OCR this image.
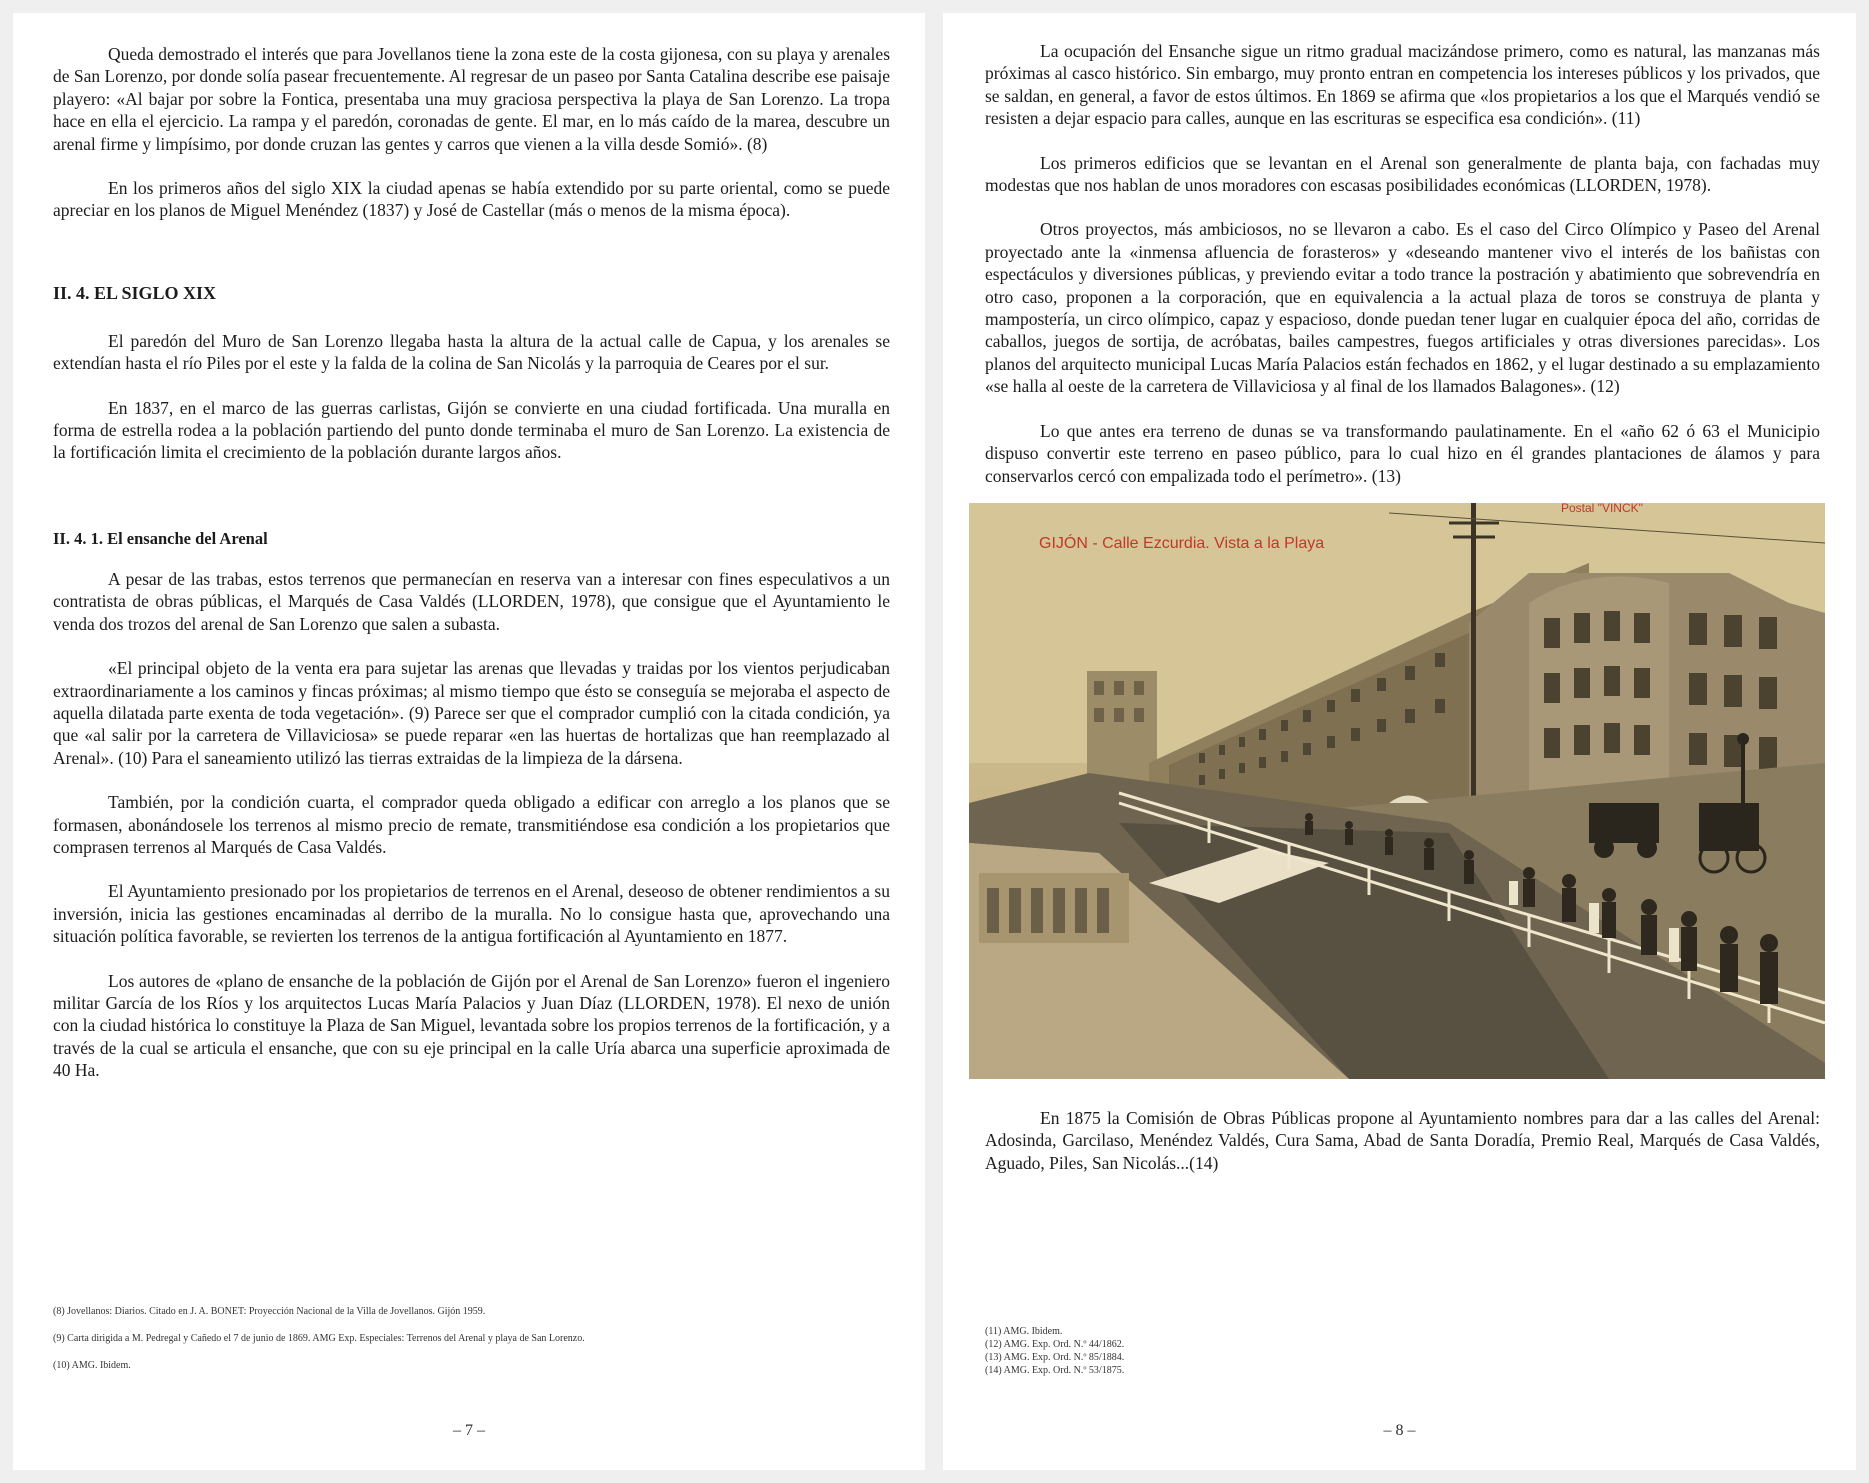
Queda demostrado el interés que para Jovellanos tiene la zona este de la costa gijonesa, con su playa y arenales de San Lorenzo, por donde solía pasear frecuentemente. Al regresar de un paseo por Santa Catalina describe ese paisaje playero: «Al bajar por sobre la Fontica, presentaba una muy graciosa perspectiva la playa de San Lorenzo. La tropa hace en ella el ejercicio. La rampa y el paredón, coronadas de gente. El mar, en lo más caído de la marea, descubre un arenal firme y limpísimo, por donde cruzan las gentes y carros que vienen a la villa desde Somió». (8)

En los primeros años del siglo XIX la ciudad apenas se había extendido por su parte oriental, como se puede apreciar en los planos de Miguel Menéndez (1837) y José de Castellar (más o menos de la misma época).

II. 4. EL SIGLO XIX

El paredón del Muro de San Lorenzo llegaba hasta la altura de la actual calle de Capua, y los arenales se extendían hasta el río Piles por el este y la falda de la colina de San Nicolás y la parroquia de Ceares por el sur.

En 1837, en el marco de las guerras carlistas, Gijón se convierte en una ciudad fortificada. Una muralla en forma de estrella rodea a la población partiendo del punto donde terminaba el muro de San Lorenzo. La existencia de la fortificación limita el crecimiento de la población durante largos años.

II. 4. 1. El ensanche del Arenal

A pesar de las trabas, estos terrenos que permanecían en reserva van a interesar con fines especulativos a un contratista de obras públicas, el Marqués de Casa Valdés (LLORDEN, 1978), que consigue que el Ayuntamiento le venda dos trozos del arenal de San Lorenzo que salen a subasta.

«El principal objeto de la venta era para sujetar las arenas que llevadas y traidas por los vientos perjudicaban extraordinariamente a los caminos y fincas próximas; al mismo tiempo que ésto se conseguía se mejoraba el aspecto de aquella dilatada parte exenta de toda vegetación». (9) Parece ser que el comprador cumplió con la citada condición, ya que «al salir por la carretera de Villaviciosa» se puede reparar «en las huertas de hortalizas que han reemplazado al Arenal». (10) Para el saneamiento utilizó las tierras extraidas de la limpieza de la dársena.

También, por la condición cuarta, el comprador queda obligado a edificar con arreglo a los planos que se formasen, abonándosele los terrenos al mismo precio de remate, transmitiéndose esa condición a los propietarios que comprasen terrenos al Marqués de Casa Valdés.

El Ayuntamiento presionado por los propietarios de terrenos en el Arenal, deseoso de obtener rendimientos a su inversión, inicia las gestiones encaminadas al derribo de la muralla. No lo consigue hasta que, aprovechando una situación política favorable, se revierten los terrenos de la antigua fortificación al Ayuntamiento en 1877.

Los autores de «plano de ensanche de la población de Gijón por el Arenal de San Lorenzo» fueron el ingeniero militar García de los Ríos y los arquitectos Lucas María Palacios y Juan Díaz (LLORDEN, 1978). El nexo de unión con la ciudad histórica lo constituye la Plaza de San Miguel, levantada sobre los propios terrenos de la fortificación, y a través de la cual se articula el ensanche, que con su eje principal en la calle Uría abarca una superficie aproximada de 40 Ha.

(8) Jovellanos: Diarios. Citado en J. A. BONET: Proyección Nacional de la Villa de Jovellanos. Gijón 1959.

(9) Carta dirigida a M. Pedregal y Cañedo el 7 de junio de 1869. AMG Exp. Especiales: Terrenos del Arenal y playa de San Lorenzo.

(10) AMG. Ibidem.

– 7 –

La ocupación del Ensanche sigue un ritmo gradual macizándose primero, como es natural, las manzanas más próximas al casco histórico. Sin embargo, muy pronto entran en competencia los intereses públicos y los privados, que se saldan, en general, a favor de estos últimos. En 1869 se afirma que «los propietarios a los que el Marqués vendió se resisten a dejar espacio para calles, aunque en las escrituras se especifica esa condición». (11)

Los primeros edificios que se levantan en el Arenal son generalmente de planta baja, con fachadas muy modestas que nos hablan de unos moradores con escasas posibilidades económicas (LLORDEN, 1978).

Otros proyectos, más ambiciosos, no se llevaron a cabo. Es el caso del Circo Olímpico y Paseo del Arenal proyectado ante la «inmensa afluencia de forasteros» y «deseando mantener vivo el interés de los bañistas con espectáculos y diversiones públicas, y previendo evitar a todo trance la postración y abatimiento que sobrevendría en otro caso, proponen a la corporación, que en equivalencia a la actual plaza de toros se construya de planta y mampostería, un circo olímpico, capaz y espacioso, donde puedan tener lugar en cualquier época del año, corridas de caballos, juegos de sortija, de acróbatas, bailes campestres, fuegos artificiales y otras diversiones parecidas». Los planos del arquitecto municipal Lucas María Palacios están fechados en 1862, y el lugar destinado a su emplazamiento «se halla al oeste de la carretera de Villaviciosa y al final de los llamados Balagones». (12)

Lo que antes era terreno de dunas se va transformando paulatinamente. En el «año 62 ó 63 el Municipio dispuso convertir este terreno en paseo público, para lo cual hizo en él grandes plantaciones de álamos y para conservarlos cercó con empalizada todo el perímetro». (13)

Postal "VINCK"
GIJÓN - Calle Ezcurdia. Vista a la Playa

En 1875 la Comisión de Obras Públicas propone al Ayuntamiento nombres para dar a las calles del Arenal: Adosinda, Garcilaso, Menéndez Valdés, Cura Sama, Abad de Santa Doradía, Premio Real, Marqués de Casa Valdés, Aguado, Piles, San Nicolás...(14)

(11) AMG. Ibidem.

(12) AMG. Exp. Ord. N.º 44/1862.

(13) AMG. Exp. Ord. N.º 85/1884.

(14) AMG. Exp. Ord. N.º 53/1875.

– 8 –
